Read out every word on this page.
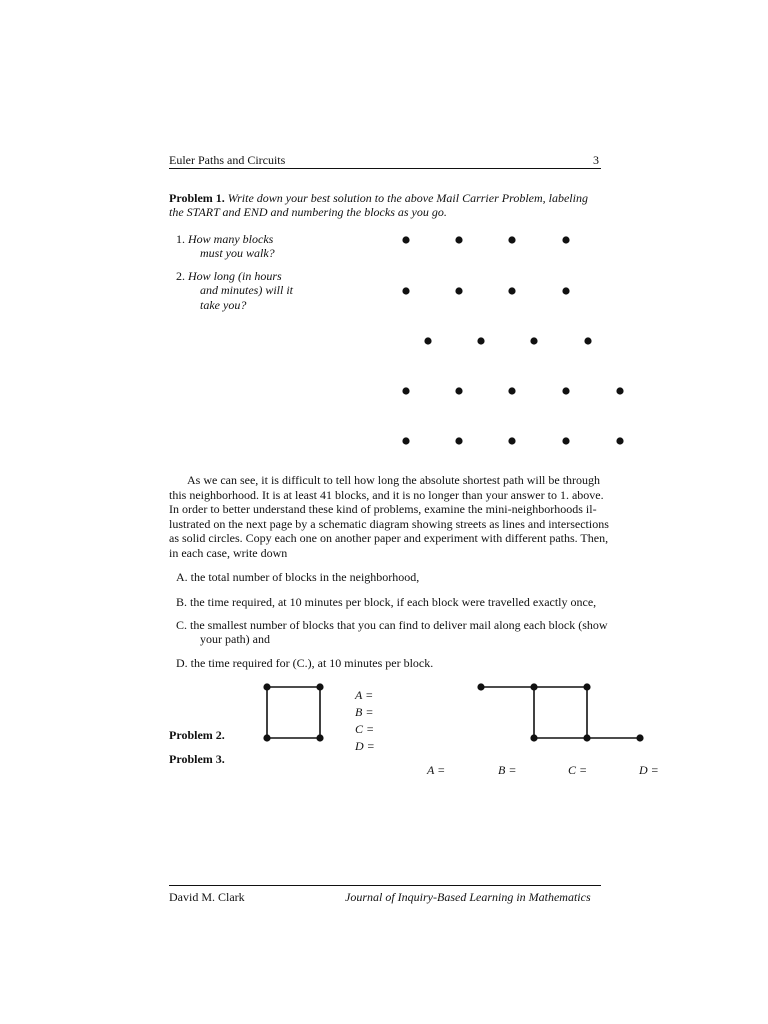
Euler Paths and Circuits	3
Problem 1. Write down your best solution to the above Mail Carrier Problem, labeling
the START and END and numbering the blocks as you go.
1. How many blocks
must you walk?
2. How long (in hours
and minutes) will it
take you?
As we can see, it is difficult to tell how long the absolute shortest path will be through
this neighborhood. It is at least 41 blocks, and it is no longer than your answer to 1. above.
In order to better understand these kind of problems, examine the mini-neighborhoods il-
lustrated on the next page by a schematic diagram showing streets as lines and intersections
as solid circles. Copy each one on another paper and experiment with different paths. Then,
in each case, write down
A. the total number of blocks in the neighborhood,
B. the time required, at 10 minutes per block, if each block were travelled exactly once,
C. the smallest number of blocks that you can find to deliver mail along each block (show
your path) and
D. the time required for (C.), at 10 minutes per block.
Problem 2.
Problem 3.
A =
B =
C =
D =
A =	B =	C =	D =
David M. Clark	Journal of Inquiry-Based Learning in Mathematics
